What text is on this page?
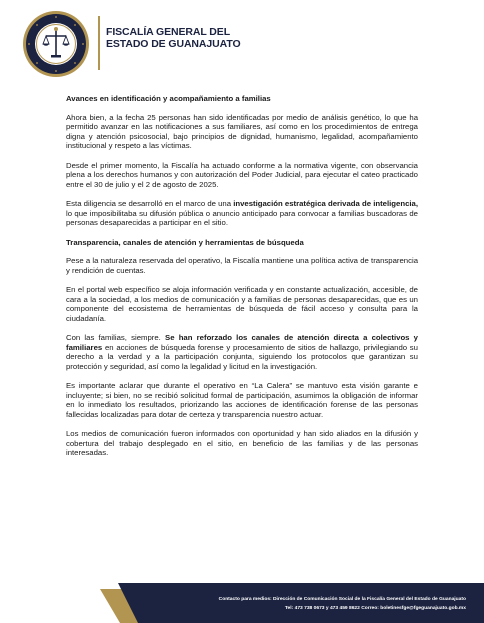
FISCALÍA GENERAL DEL
ESTADO DE GUANAJUATO
Avances en identificación y acompañamiento a familias

Ahora bien, a la fecha 25 personas han sido identificadas por medio de análisis genético, lo que ha permitido avanzar en las notificaciones a sus familiares, así como en los procedimientos de entrega digna y atención psicosocial, bajo principios de dignidad, humanismo, legalidad, acompañamiento institucional y respeto a las víctimas.

Desde el primer momento, la Fiscalía ha actuado conforme a la normativa vigente, con observancia plena a los derechos humanos y con autorización del Poder Judicial, para ejecutar el cateo practicado entre el 30 de julio y el 2 de agosto de 2025.

Esta diligencia se desarrolló en el marco de una investigación estratégica derivada de inteligencia, lo que imposibilitaba su difusión pública o anuncio anticipado para convocar a familias buscadoras de personas desaparecidas a participar en el sitio.

Transparencia, canales de atención y herramientas de búsqueda

Pese a la naturaleza reservada del operativo, la Fiscalía mantiene una política activa de transparencia y rendición de cuentas.

En el portal web específico se aloja información verificada y en constante actualización, accesible, de cara a la sociedad, a los medios de comunicación y a familias de personas desaparecidas, que es un componente del ecosistema de herramientas de búsqueda de fácil acceso y consulta para la ciudadanía.

Con las familias, siempre. Se han reforzado los canales de atención directa a colectivos y familiares en acciones de búsqueda forense y procesamiento de sitios de hallazgo, privilegiando su derecho a la verdad y a la participación conjunta, siguiendo los protocolos que garantizan su protección y seguridad, así como la legalidad y licitud en la investigación.

Es importante aclarar que durante el operativo en “La Calera” se mantuvo esta visión garante e incluyente; si bien, no se recibió solicitud formal de participación, asumimos la obligación de informar en lo inmediato los resultados, priorizando las acciones de identificación forense de las personas fallecidas localizadas para dotar de certeza y transparencia nuestro actuar.

Los medios de comunicación fueron informados con oportunidad y han sido aliados en la difusión y cobertura del trabajo desplegado en el sitio, en beneficio de las familias y de las personas interesadas.

Contacto para medios: Dirección de Comunicación Social de la Fiscalía General del Estado de Guanajuato
Tel: 473 738 0673 y 473 459 8622 Correo: boletinesfge@fgeguanajuato.gob.mx
